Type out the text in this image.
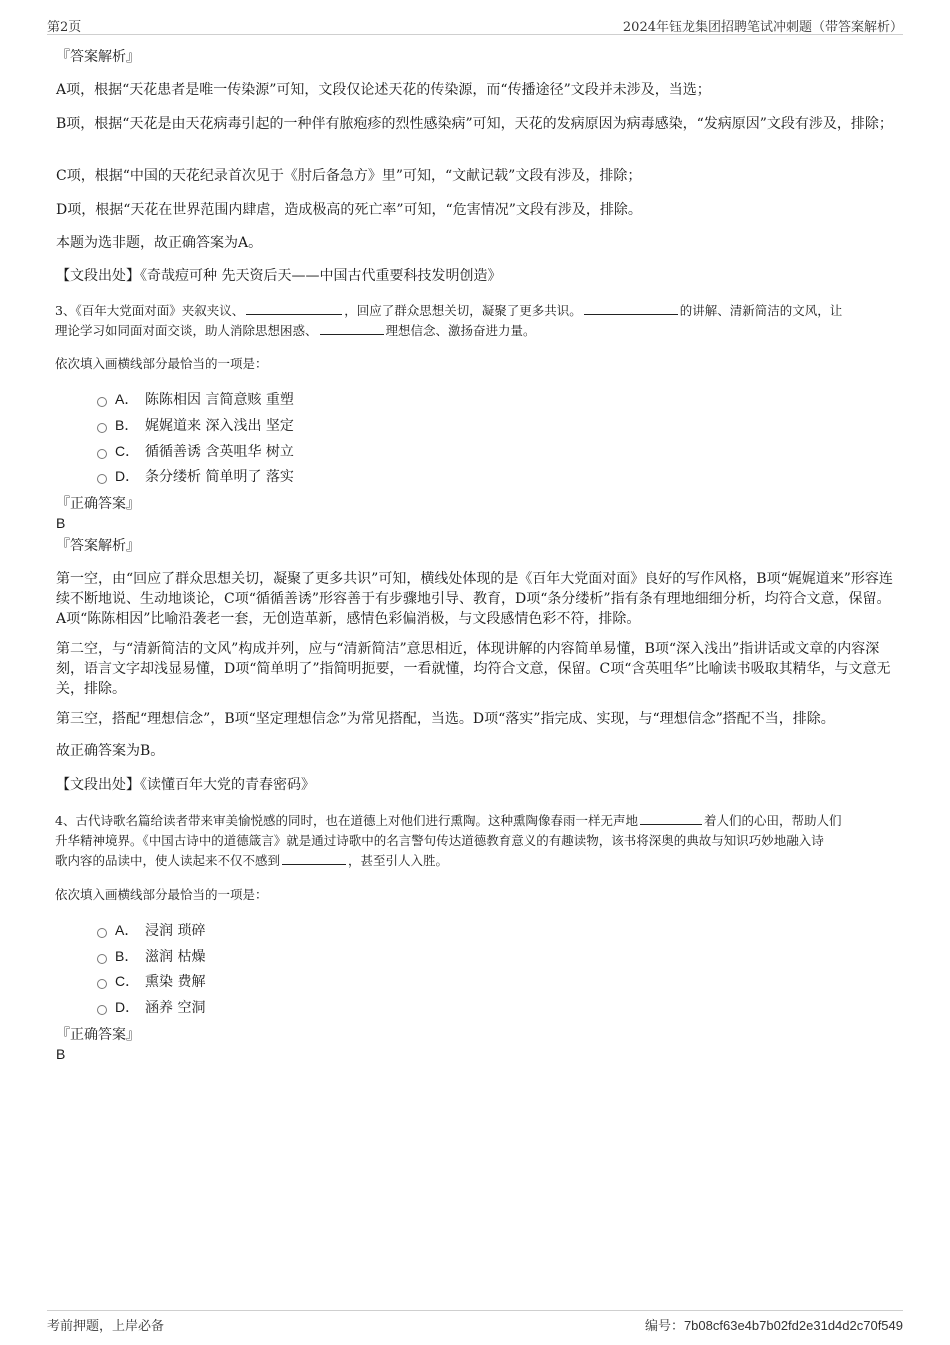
第2页	2024年钰龙集团招聘笔试冲刺题（带答案解析）
『答案解析』
A项，根据“天花患者是唯一传染源”可知，文段仅论述天花的传染源，而“传播途径”文段并未涉及，当选；
B项，根据“天花是由天花病毒引起的一种伴有脓疱疹的烈性感染病”可知，天花的发病原因为病毒感染，“发病原因”文段有涉及，排除；
C项，根据“中国的天花纪录首次见于《肘后备急方》里”可知，“文献记载”文段有涉及，排除；
D项，根据“天花在世界范围内肆虐，造成极高的死亡率”可知，“危害情况”文段有涉及，排除。
本题为选非题，故正确答案为A。
【文段出处】《奇哉痘可种 先天资后天——中国古代重要科技发明创造》
3、《百年大党面对面》夹叙夹议、	，回应了群众思想关切，凝聚了更多共识。	的讲解、清新简洁的文风，让
理论学习如同面对面交谈，助人消除思想困惑、	理想信念、激扬奋进力量。
依次填入画横线部分最恰当的一项是：
A． 陈陈相因 言简意赅 重塑
B． 娓娓道来 深入浅出 坚定
C． 循循善诱 含英咀华 树立
D． 条分缕析 简单明了 落实
『正确答案』
B
『答案解析』
第一空，由“回应了群众思想关切，凝聚了更多共识”可知，横线处体现的是《百年大党面对面》良好的写作风格，B项“娓娓道来”形容连续不断地说、生动地谈论，C项“循循善诱”形容善于有步骤地引导、教育，D项“条分缕析”指有条有理地细细分析，均符合文意，保留。A项“陈陈相因”比喻沿袭老一套，无创造革新，感情色彩偏消极，与文段感情色彩不符，排除。
第二空，与“清新简洁的文风”构成并列，应与“清新简洁”意思相近，体现讲解的内容简单易懂，B项“深入浅出”指讲话或文章的内容深刻，语言文字却浅显易懂，D项“简单明了”指简明扼要，一看就懂，均符合文意，保留。C项“含英咀华”比喻读书吸取其精华，与文意无关，排除。
第三空，搭配“理想信念”，B项“坚定理想信念”为常见搭配，当选。D项“落实”指完成、实现，与“理想信念”搭配不当，排除。
故正确答案为B。
【文段出处】《读懂百年大党的青春密码》
4、古代诗歌名篇给读者带来审美愉悦感的同时，也在道德上对他们进行熏陶。这种熏陶像春雨一样无声地	着人们的心田，帮助人们
升华精神境界。《中国古诗中的道德箴言》就是通过诗歌中的名言警句传达道德教育意义的有趣读物，该书将深奥的典故与知识巧妙地融入诗
歌内容的品读中，使人读起来不仅不感到	，甚至引人入胜。
依次填入画横线部分最恰当的一项是：
A． 浸润 琐碎
B． 滋润 枯燥
C． 熏染 费解
D． 涵养 空洞
『正确答案』
B
考前押题，上岸必备	编号：7b08cf63e4b7b02fd2e31d4d2c70f549
